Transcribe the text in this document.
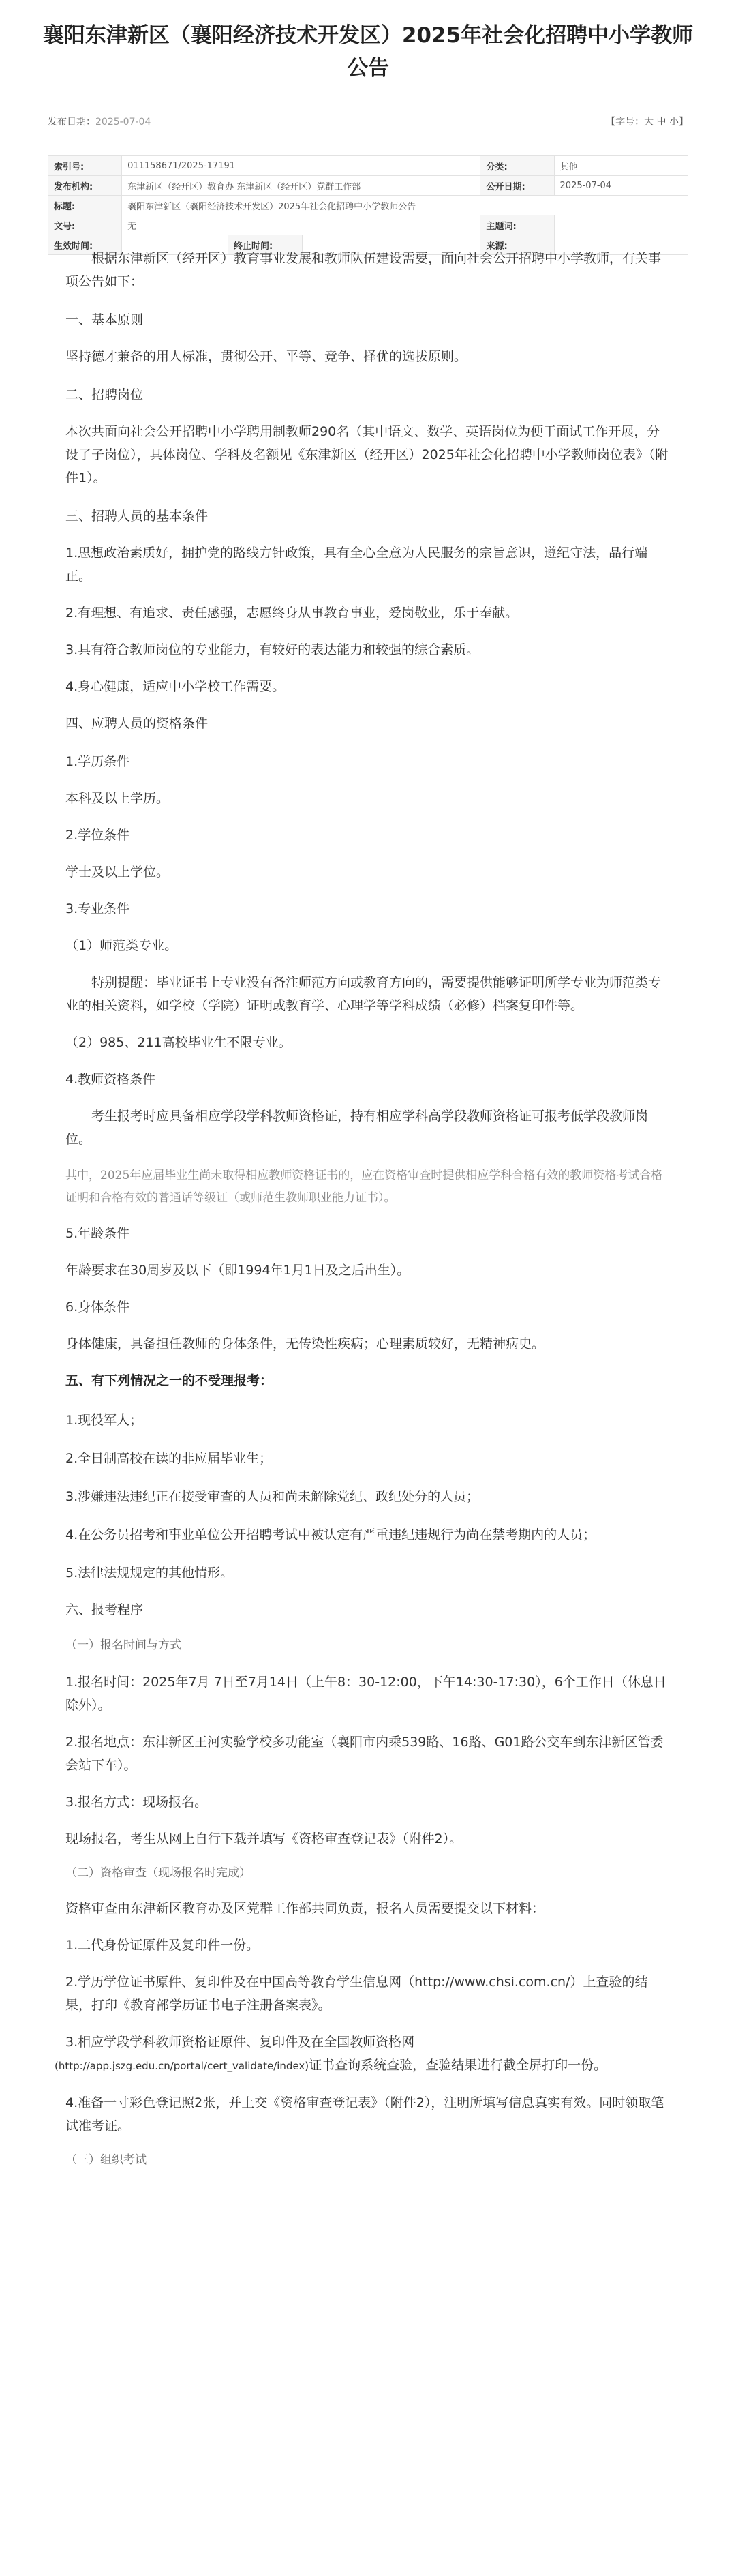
襄阳东津新区（襄阳经济技术开发区）2025年社会化招聘中小学教师公告
发布日期：2025-07-04	【字号：大 中 小】
索引号:	011158671/2025-17191			分类:	其他
发布机构:	东津新区（经开区）教育办 东津新区（经开区）党群工作部			公开日期:	2025-07-04
标题:	襄阳东津新区（襄阳经济技术开发区）2025年社会化招聘中小学教师公告				
文号:	无			主题词:	
生效时间:		终止时间:		来源:	

根据东津新区（经开区）教育事业发展和教师队伍建设需要，面向社会公开招聘中小学教师，有关事项公告如下：

一、基本原则

坚持德才兼备的用人标准，贯彻公开、平等、竞争、择优的选拔原则。

二、招聘岗位

本次共面向社会公开招聘中小学聘用制教师290名（其中语文、数学、英语岗位为便于面试工作开展，分设了子岗位），具体岗位、学科及名额见《东津新区（经开区）2025年社会化招聘中小学教师岗位表》（附件1）。

三、招聘人员的基本条件

1.思想政治素质好，拥护党的路线方针政策，具有全心全意为人民服务的宗旨意识，遵纪守法，品行端正。

2.有理想、有追求、责任感强，志愿终身从事教育事业，爱岗敬业，乐于奉献。

3.具有符合教师岗位的专业能力，有较好的表达能力和较强的综合素质。

4.身心健康，适应中小学校工作需要。

四、应聘人员的资格条件

1.学历条件

本科及以上学历。

2.学位条件

学士及以上学位。

3.专业条件

（1）师范类专业。

特别提醒：毕业证书上专业没有备注师范方向或教育方向的，需要提供能够证明所学专业为师范类专业的相关资料，如学校（学院）证明或教育学、心理学等学科成绩（必修）档案复印件等。

（2）985、211高校毕业生不限专业。

4.教师资格条件

考生报考时应具备相应学段学科教师资格证，持有相应学科高学段教师资格证可报考低学段教师岗位。

其中，2025年应届毕业生尚未取得相应教师资格证书的，应在资格审查时提供相应学科合格有效的教师资格考试合格证明和合格有效的普通话等级证（或师范生教师职业能力证书）。

5.年龄条件

年龄要求在30周岁及以下（即1994年1月1日及之后出生）。

6.身体条件

身体健康，具备担任教师的身体条件，无传染性疾病；心理素质较好，无精神病史。

五、有下列情况之一的不受理报考：

1.现役军人；

2.全日制高校在读的非应届毕业生；

3.涉嫌违法违纪正在接受审查的人员和尚未解除党纪、政纪处分的人员；

4.在公务员招考和事业单位公开招聘考试中被认定有严重违纪违规行为尚在禁考期内的人员；

5.法律法规规定的其他情形。

六、报考程序

（一）报名时间与方式

1.报名时间：2025年7月 7日至7月14日（上午8：30-12:00，下午14:30-17:30），6个工作日（休息日除外）。

2.报名地点：东津新区王河实验学校多功能室（襄阳市内乘539路、16路、G01路公交车到东津新区管委会站下车）。

3.报名方式：现场报名。

现场报名，考生从网上自行下载并填写《资格审查登记表》（附件2）。

（二）资格审查（现场报名时完成）

资格审查由东津新区教育办及区党群工作部共同负责，报名人员需要提交以下材料：

1.二代身份证原件及复印件一份。

2.学历学位证书原件、复印件及在中国高等教育学生信息网（http://www.chsi.com.cn/）上查验的结果，打印《教育部学历证书电子注册备案表》。

3.相应学段学科教师资格证原件、复印件及在全国教师资格网
(http://app.jszg.edu.cn/portal/cert_validate/index)证书查询系统查验，查验结果进行截全屏打印一份。

4.准备一寸彩色登记照2张，并上交《资格审查登记表》（附件2），注明所填写信息真实有效。同时领取笔试准考证。

（三）组织考试
